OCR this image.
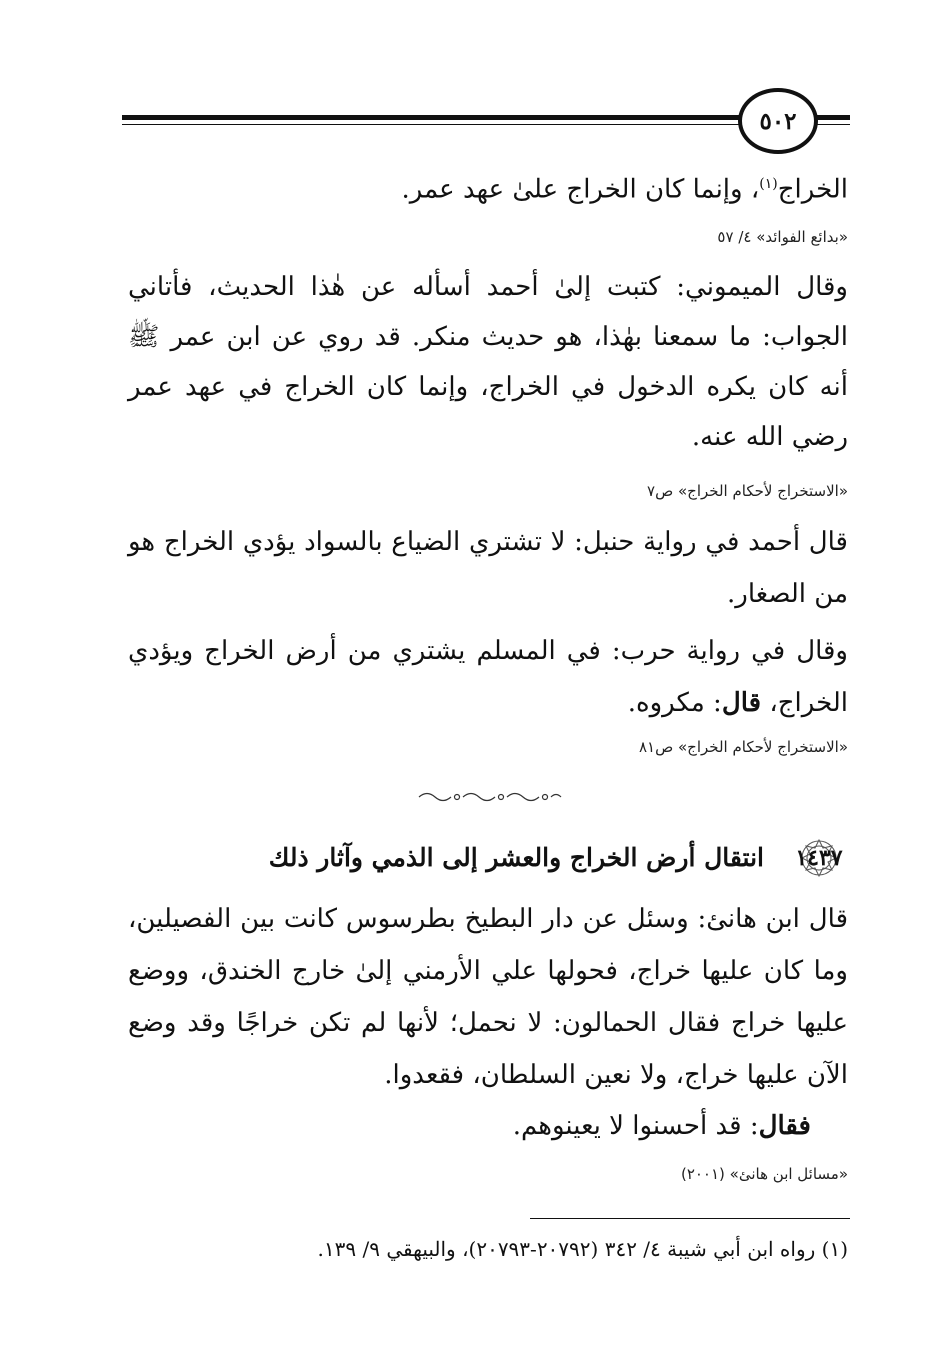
٥٠٢
الخراج$^{(١)}$، وإنما كان الخراج علىٰ عهد عمر.
«بدائع الفوائد» ٤/ ٥٧
وقال الميموني: كتبت إلىٰ أحمد أسأله عن هٰذا الحديث، فأتاني الجواب: ما سمعنا بهٰذا، هو حديث منكر. قد روي عن ابن عمر ﷺ أنه كان يكره الدخول في الخراج، وإنما كان الخراج في عهد عمر رضي الله عنه.
«الاستخراج لأحكام الخراج» ص٧
قال أحمد في رواية حنبل: لا تشتري الضياع بالسواد يؤدي الخراج هو من الصغار.
وقال في رواية حرب: في المسلم يشتري من أرض الخراج ويؤدي الخراج، قال: مكروه.
«الاستخراج لأحكام الخراج» ص٨١
١٤٣٧
انتقال أرض الخراج والعشر إلى الذمي وآثار ذلك
قال ابن هانئ: وسئل عن دار البطيخ بطرسوس كانت بين الفصيلين، وما كان عليها خراج، فحولها علي الأرمني إلىٰ خارج الخندق، ووضع عليها خراج فقال الحمالون: لا نحمل؛ لأنها لم تكن خراجًا وقد وضع الآن عليها خراج، ولا نعين السلطان، فقعدوا.
فقال: قد أحسنوا لا يعينوهم.
«مسائل ابن هانئ» (٢٠٠١)
(١) رواه ابن أبي شيبة ٤/ ٣٤٢ (٢٠٧٩٢-٢٠٧٩٣)، والبيهقي ٩/ ١٣٩.
